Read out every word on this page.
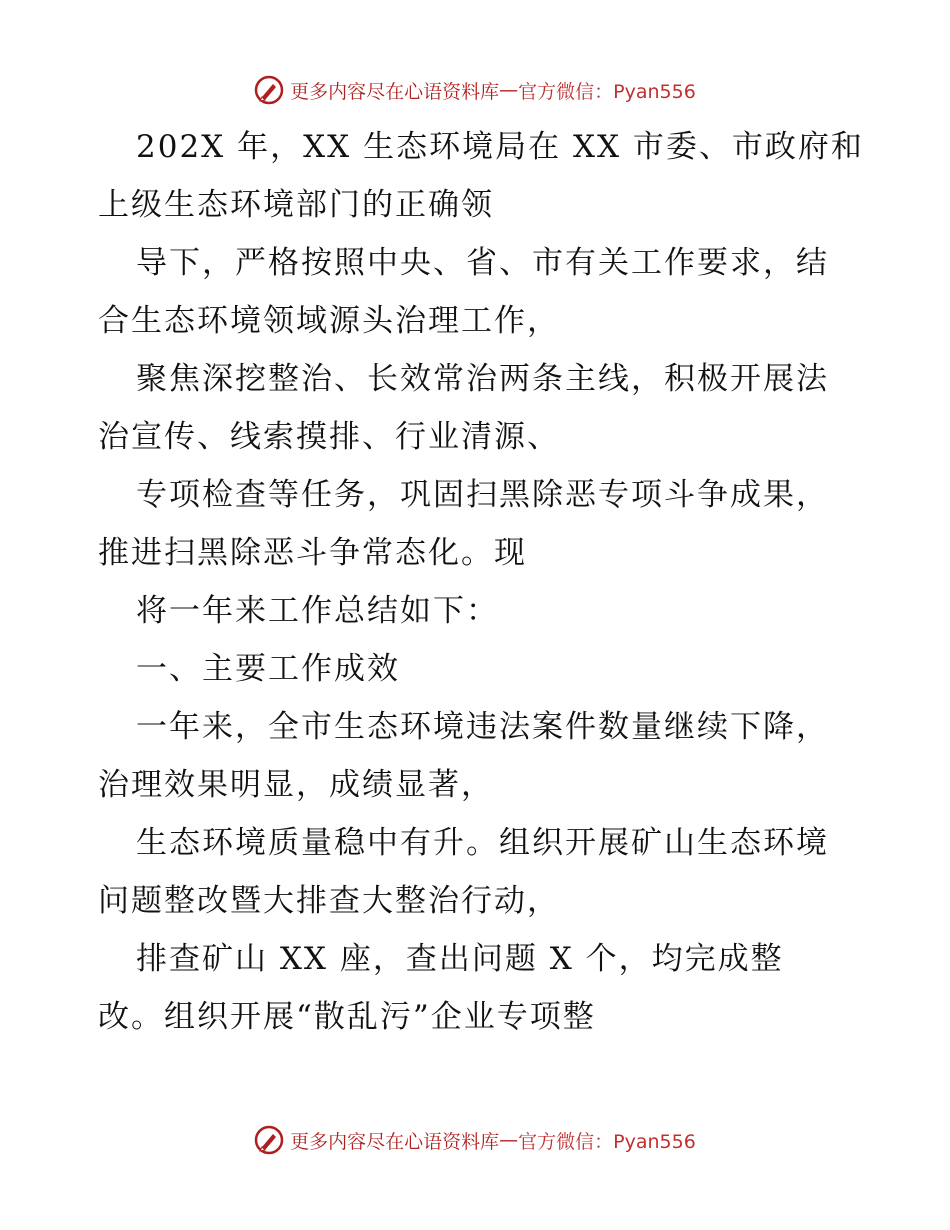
更多内容尽在心语资料库 — 官方微信：Pyan556
202X 年，XX 生态环境局在 XX 市委、市政府和
上级生态环境部门的正确领
导下，严格按照中央、省、市有关工作要求，结
合生态环境领域源头治理工作，
聚焦深挖整治、长效常治两条主线，积极开展法
治宣传、线索摸排、行业清源、
专项检查等任务，巩固扫黑除恶专项斗争成果，
推进扫黑除恶斗争常态化。现
将一年来工作总结如下：
一、主要工作成效
一年来，全市生态环境违法案件数量继续下降，
治理效果明显，成绩显著，
生态环境质量稳中有升。组织开展矿山生态环境
问题整改暨大排查大整治行动，
排查矿山 XX 座，查出问题 X 个，均完成整
改。组织开展“散乱污”企业专项整
更多内容尽在心语资料库 — 官方微信：Pyan556
